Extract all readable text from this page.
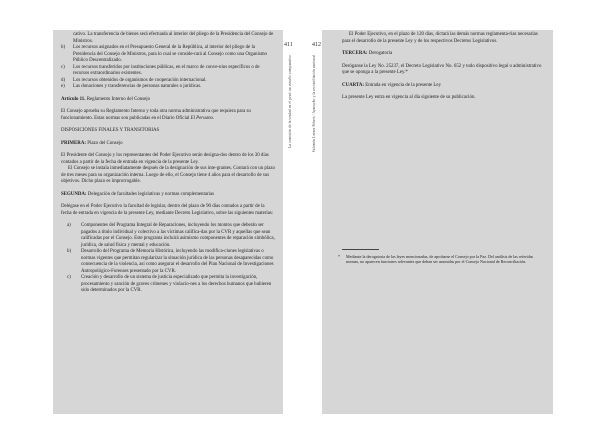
411	412
La comisión de la verdad en el perú: un estudio comparativo	Salomón Lerner Febres / Ayacucho y la reconciliación nacional
cativo. La transferencia de bienes será efectuada al interior del pliego de la Presidencia del Consejo de Ministros.
b)	Los recursos asignados en el Presupuesto General de la República, al interior del pliego de la Presidencia del Consejo de Ministros, para lo cual se conside-rará al Consejo como una Organismo Público Descentralizado.
c)	Los recursos transferidos por instituciones públicas, en el marco de conve-nios específicos o de recursos extraordinarios existentes.
d)	Los recursos obtenidos de organismos de cooperación internacional.
e)	Las donaciones y transferencias de personas naturales o jurídicas.

Artículo 11. Reglamento Interno del Consejo

El Consejo aprueba su Reglamento Interno y toda otra norma administrativa que requiera para su funcionamiento. Estas normas son publicadas en el Diario Oficial El Peruano.

DISPOSICIONES FINALES Y TRANSITORIAS

PRIMERA: Plazo del Consejo

El Presidente del Consejo y los representantes del Poder Ejecutivo serán designa-dos dentro de los 30 días contados a partir de la fecha de entrada en vigencia de la presente Ley.

El Consejo se instala inmediatamente después de la designación de sus inte-grantes. Contará con un plazo de tres meses para su organización interna. Luego de ello, el Consejo tiene 4 años para el desarrollo de sus objetivos. Dicho plazo es improrrogable.

SEGUNDA: Delegación de facultades legislativas y normas complementarias

Delégase en el Poder Ejecutivo la facultad de legislar, dentro del plazo de 90 días contados a partir de la fecha de entrada en vigencia de la presente Ley, mediante Decreto Legislativo, sobre las siguientes materias:

a)	Componentes del Programa Integral de Reparaciones, incluyendo los montos que deberán ser pagados a título individual y colectivo a las víctimas califica-das por la CVR y aquellas que sean calificadas por el Consejo. Este programa incluirá asimismo componentes de reparación simbólica, jurídica, de salud física y mental y educación.
b)	Desarrollo del Programa de Memoria Histórica, incluyendo las modifica-ciones legislativas o normas vigentes que permitan regularizar la situación jurídica de las personas desaparecidas como consecuencia de la violencia, así como asegurar el desarrollo del Plan Nacional de Investigaciones Antropológico-Forenses presentado por la CVR.
c)	Creación y desarrollo de un sistema de justicia especializado que permita la investigación, procesamiento y sanción de graves crímenes y violacio-nes a los derechos humanos que hubieren sido determinados por la CVR.

El Poder Ejecutivo, en el plazo de 120 días, dictará las demás normas reglamenta-rias necesarias para el desarrollo de la presente Ley y de los respectivos Decretos Legislativos.

TERCERA: Derogatoria

Deróganse la Ley No. 25237, el Decreto Legislativo No. 652 y todo dispositivo legal o administrativo que se oponga a la presente Ley.*

CUARTA: Entrada en vigencia de la presente Ley

La presente Ley entra en vigencia al día siguiente de su publicación.

*	Mediante la derogatoria de las leyes mencionadas, de aprobarse el Consejo por la Paz. Del análisis de las referidas normas, no aparecen funciones relevantes que deban ser asumidas por el Consejo Nacional de Reconciliación.
